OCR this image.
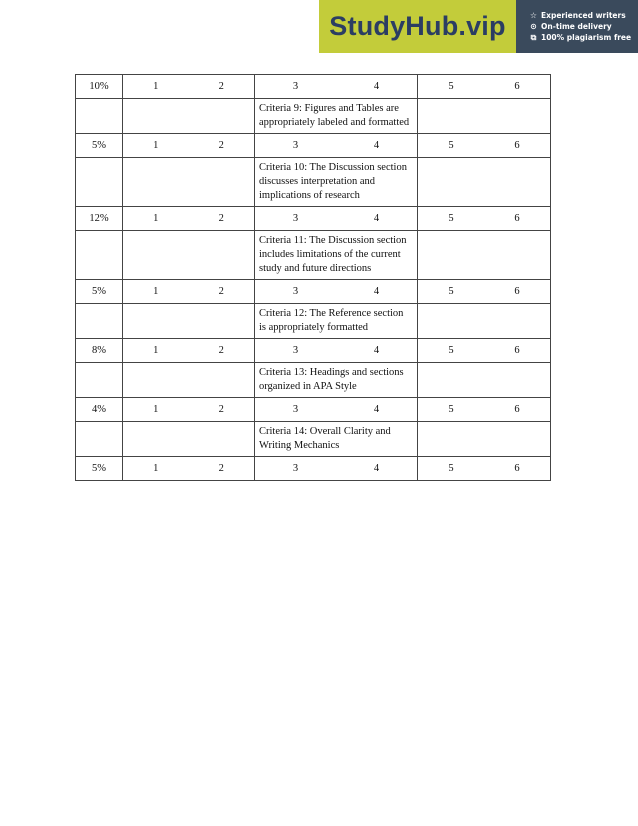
StudyHub.vip	☆ Experienced writers
⊙ On-time delivery
⧉ 100% plagiarism free
10%	1 2	3 4	5 6

		Criteria 9: Figures and Tables are appropriately labeled and formatted	
5%	1 2	3 4	5 6

		Criteria 10: The Discussion section discusses interpretation and implications of research	
12%	1 2	3 4	5 6

		Criteria 11: The Discussion section includes limitations of the current study and future directions	
5%	1 2	3 4	5 6

		Criteria 12: The Reference section is appropriately formatted	
8%	1 2	3 4	5 6

		Criteria 13: Headings and sections organized in APA Style	
4%	1 2	3 4	5 6

		Criteria 14: Overall Clarity and Writing Mechanics	
5%	1 2	3 4	5 6
